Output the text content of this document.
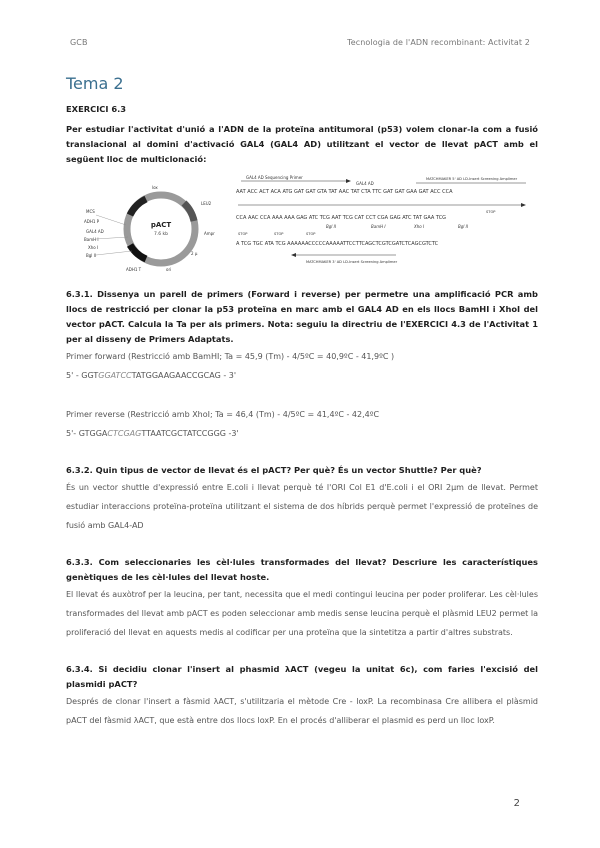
GCB	Tecnologia de l'ADN recombinant: Activitat 2
Tema 2

EXERCICI 6.3

Per estudiar l'activitat d'unió a l'ADN de la proteïna antitumoral (p53) volem clonar-la com a fusió translacional al domini d'activació GAL4 (GAL4 AD) utilitzant el vector de llevat pACT amb el següent lloc de multiclonació:

pACT
7.6 kb
MCS
ADH1 P
GAL4 AD
BamH I
Xho I
Bgl II
LEU2
Ampr
2 μ
ori
ADH1 T
lox
GAL4 AD Sequencing Primer
GAL4 AD
MATCHMAKER 5' AD LD-Insert Screening Amplimer
AAT ACC ACT ACA ATG GAT GAT GTA TAT AAC TAT CTA TTC GAT GAT GAA GAT ACC CCA
CCA AAC CCA AAA AAA GAG ATC TCG AAT TCG CAT CCT CGA GAG ATC TAT GAA TCG
Bgl II	BamH I	Xho I	Bgl II
STOP	STOP	STOP
STOP
A TCG TGC ATA TCG AAAAAACCCCCAAAAATTCCTTCAGCTCGTCGATCTCAGCGTCTC
MATCHMAKER 3' AD LD-Insert Screening Amplimer

6.3.1. Dissenya un parell de primers (Forward i reverse) per permetre una amplificació PCR amb llocs de restricció per clonar la p53 proteïna en marc amb el GAL4 AD en els llocs BamHI i XhoI del vector pACT. Calcula la Ta per als primers. Nota: seguiu la directriu de l'EXERCICI 4.3 de l'Activitat 1 per al disseny de Primers Adaptats.

Primer forward (Restricció amb BamHI; Ta = 45,9 (Tm) - 4/5ºC = 40,9ºC - 41,9ºC )

5' - GGTGGATCCTATGGAAGAACCGCAG - 3'

Primer reverse (Restricció amb XhoI; Ta = 46,4 (Tm) - 4/5ºC = 41,4ºC - 42,4ºC

5'- GTGGACTCGAGTTAATCGCTATCCGGG -3'

6.3.2. Quin tipus de vector de llevat és el pACT? Per què? És un vector Shuttle? Per què?

És un vector shuttle d'expressió entre E.coli i llevat perquè té l'ORI Col E1 d'E.coli i el ORI 2μm de llevat. Permet estudiar interaccions proteïna-proteïna utilitzant el sistema de dos híbrids perquè permet l'expressió de proteïnes de fusió amb GAL4-AD

6.3.3. Com seleccionaries les cèl·lules transformades del llevat? Descriure les característiques genètiques de les cèl·lules del llevat hoste.

El llevat és auxòtrof per la leucina, per tant, necessita que el medi contingui leucina per poder proliferar. Les cèl·lules transformades del llevat amb pACT es poden seleccionar amb medis sense leucina perquè el plàsmid LEU2 permet la proliferació del llevat en aquests medis al codificar per una proteïna que la sintetitza a partir d'altres substrats.

6.3.4. Si decidiu clonar l'insert al phasmid λACT (vegeu la unitat 6c), com faries l'excisió del plasmidi pACT?

Després de clonar l'insert a fàsmid λACT, s'utilitzaria el mètode Cre - loxP. La recombinasa Cre allibera el plàsmid pACT del fàsmid λACT, que està entre dos llocs loxP. En el procés d'alliberar el plasmid es perd un lloc loxP.

2
